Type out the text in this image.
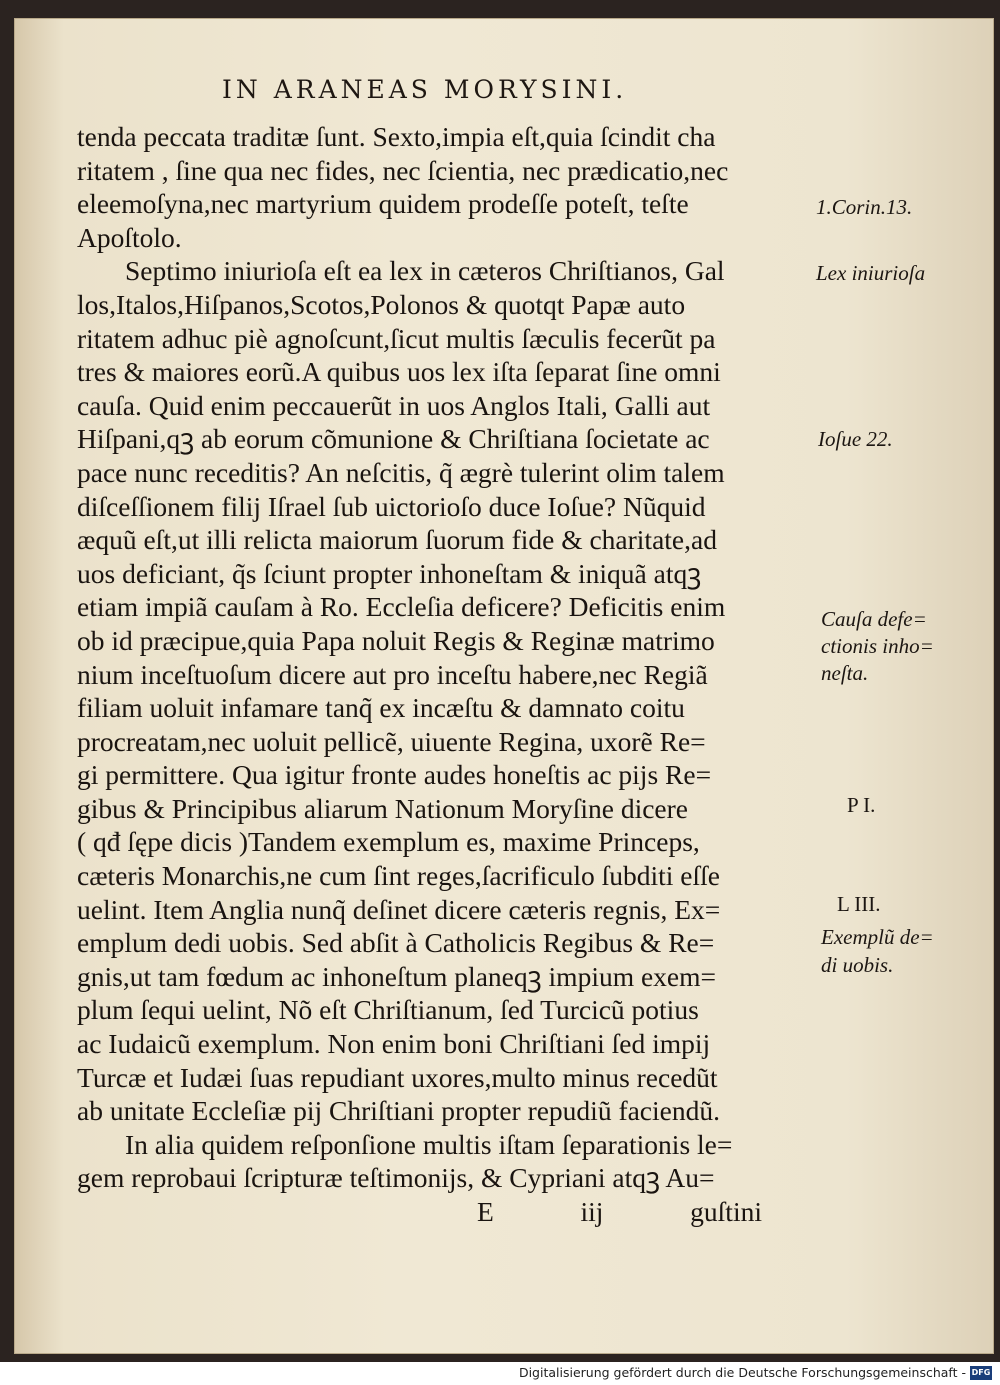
IN ARANEAS MORYSINI.
tenda peccata traditæ ſunt. Sexto,impia eſt,quia ſcindit cha
ritatem , ſine qua nec fides, nec ſcientia, nec prædicatio,nec
eleemoſyna,nec martyrium quidem prodeſſe poteſt, teſte
Apoſtolo.
Septimo iniurioſa eſt ea lex in cæteros Chriſtianos, Gal
los,Italos,Hiſpanos,Scotos,Polonos & quotqt Papæ auto
ritatem adhuc piè agnoſcunt,ſicut multis ſæculis fecerũt pa
tres & maiores eorũ.A quibus uos lex iſta ſeparat ſine omni
cauſa. Quid enim peccauerũt in uos Anglos Itali, Galli aut
Hiſpani,qꝫ ab eorum cõmunione & Chriſtiana ſocietate ac
pace nunc receditis? An neſcitis, q̃ ægrè tulerint olim talem
diſceſſionem filij Iſrael ſub uictorioſo duce Ioſue? Nũquid
æquũ eſt,ut illi relicta maiorum ſuorum fide & charitate,ad
uos deficiant, q̃s ſciunt propter inhoneſtam & iniquã atqꝫ
etiam impiã cauſam à Ro. Eccleſia deficere? Deficitis enim
ob id præcipue,quia Papa noluit Regis & Reginæ matrimo
nium inceſtuoſum dicere aut pro inceſtu habere,nec Regiã
filiam uoluit infamare tanq̃ ex incæſtu & damnato coitu
procreatam,nec uoluit pellicẽ, uiuente Regina, uxorẽ Re=
gi permittere. Qua igitur fronte audes honeſtis ac pijs Re=
gibus & Principibus aliarum Nationum Moryſine dicere
( qđ ſępe dicis )Tandem exemplum es, maxime Princeps,
cæteris Monarchis,ne cum ſint reges,ſacrificulo ſubditi eſſe
uelint. Item Anglia nunq̃ deſinet dicere cæteris regnis, Ex=
emplum dedi uobis. Sed abſit à Catholicis Regibus & Re=
gnis,ut tam fœdum ac inhoneſtum planeqꝫ impium exem=
plum ſequi uelint, Nõ eſt Chriſtianum, ſed Turcicũ potius
ac Iudaicũ exemplum. Non enim boni Chriſtiani ſed impij
Turcæ et Iudæi ſuas repudiant uxores,multo minus recedũt
ab unitate Eccleſiæ pij Chriſtiani propter repudiũ faciendũ.
In alia quidem reſponſione multis iſtam ſeparationis le=
gem reprobaui ſcripturæ teſtimonijs, & Cypriani atqꝫ Au=
E	iij	guſtini
1.Corin.13.
Lex iniurioſa
Ioſue 22.
Cauſa defe=
ctionis inho=
neſta.
P I.
L III.
Exemplũ de=
di uobis.
Digitalisierung gefördert durch die Deutsche Forschungsgemeinschaft - DFG
